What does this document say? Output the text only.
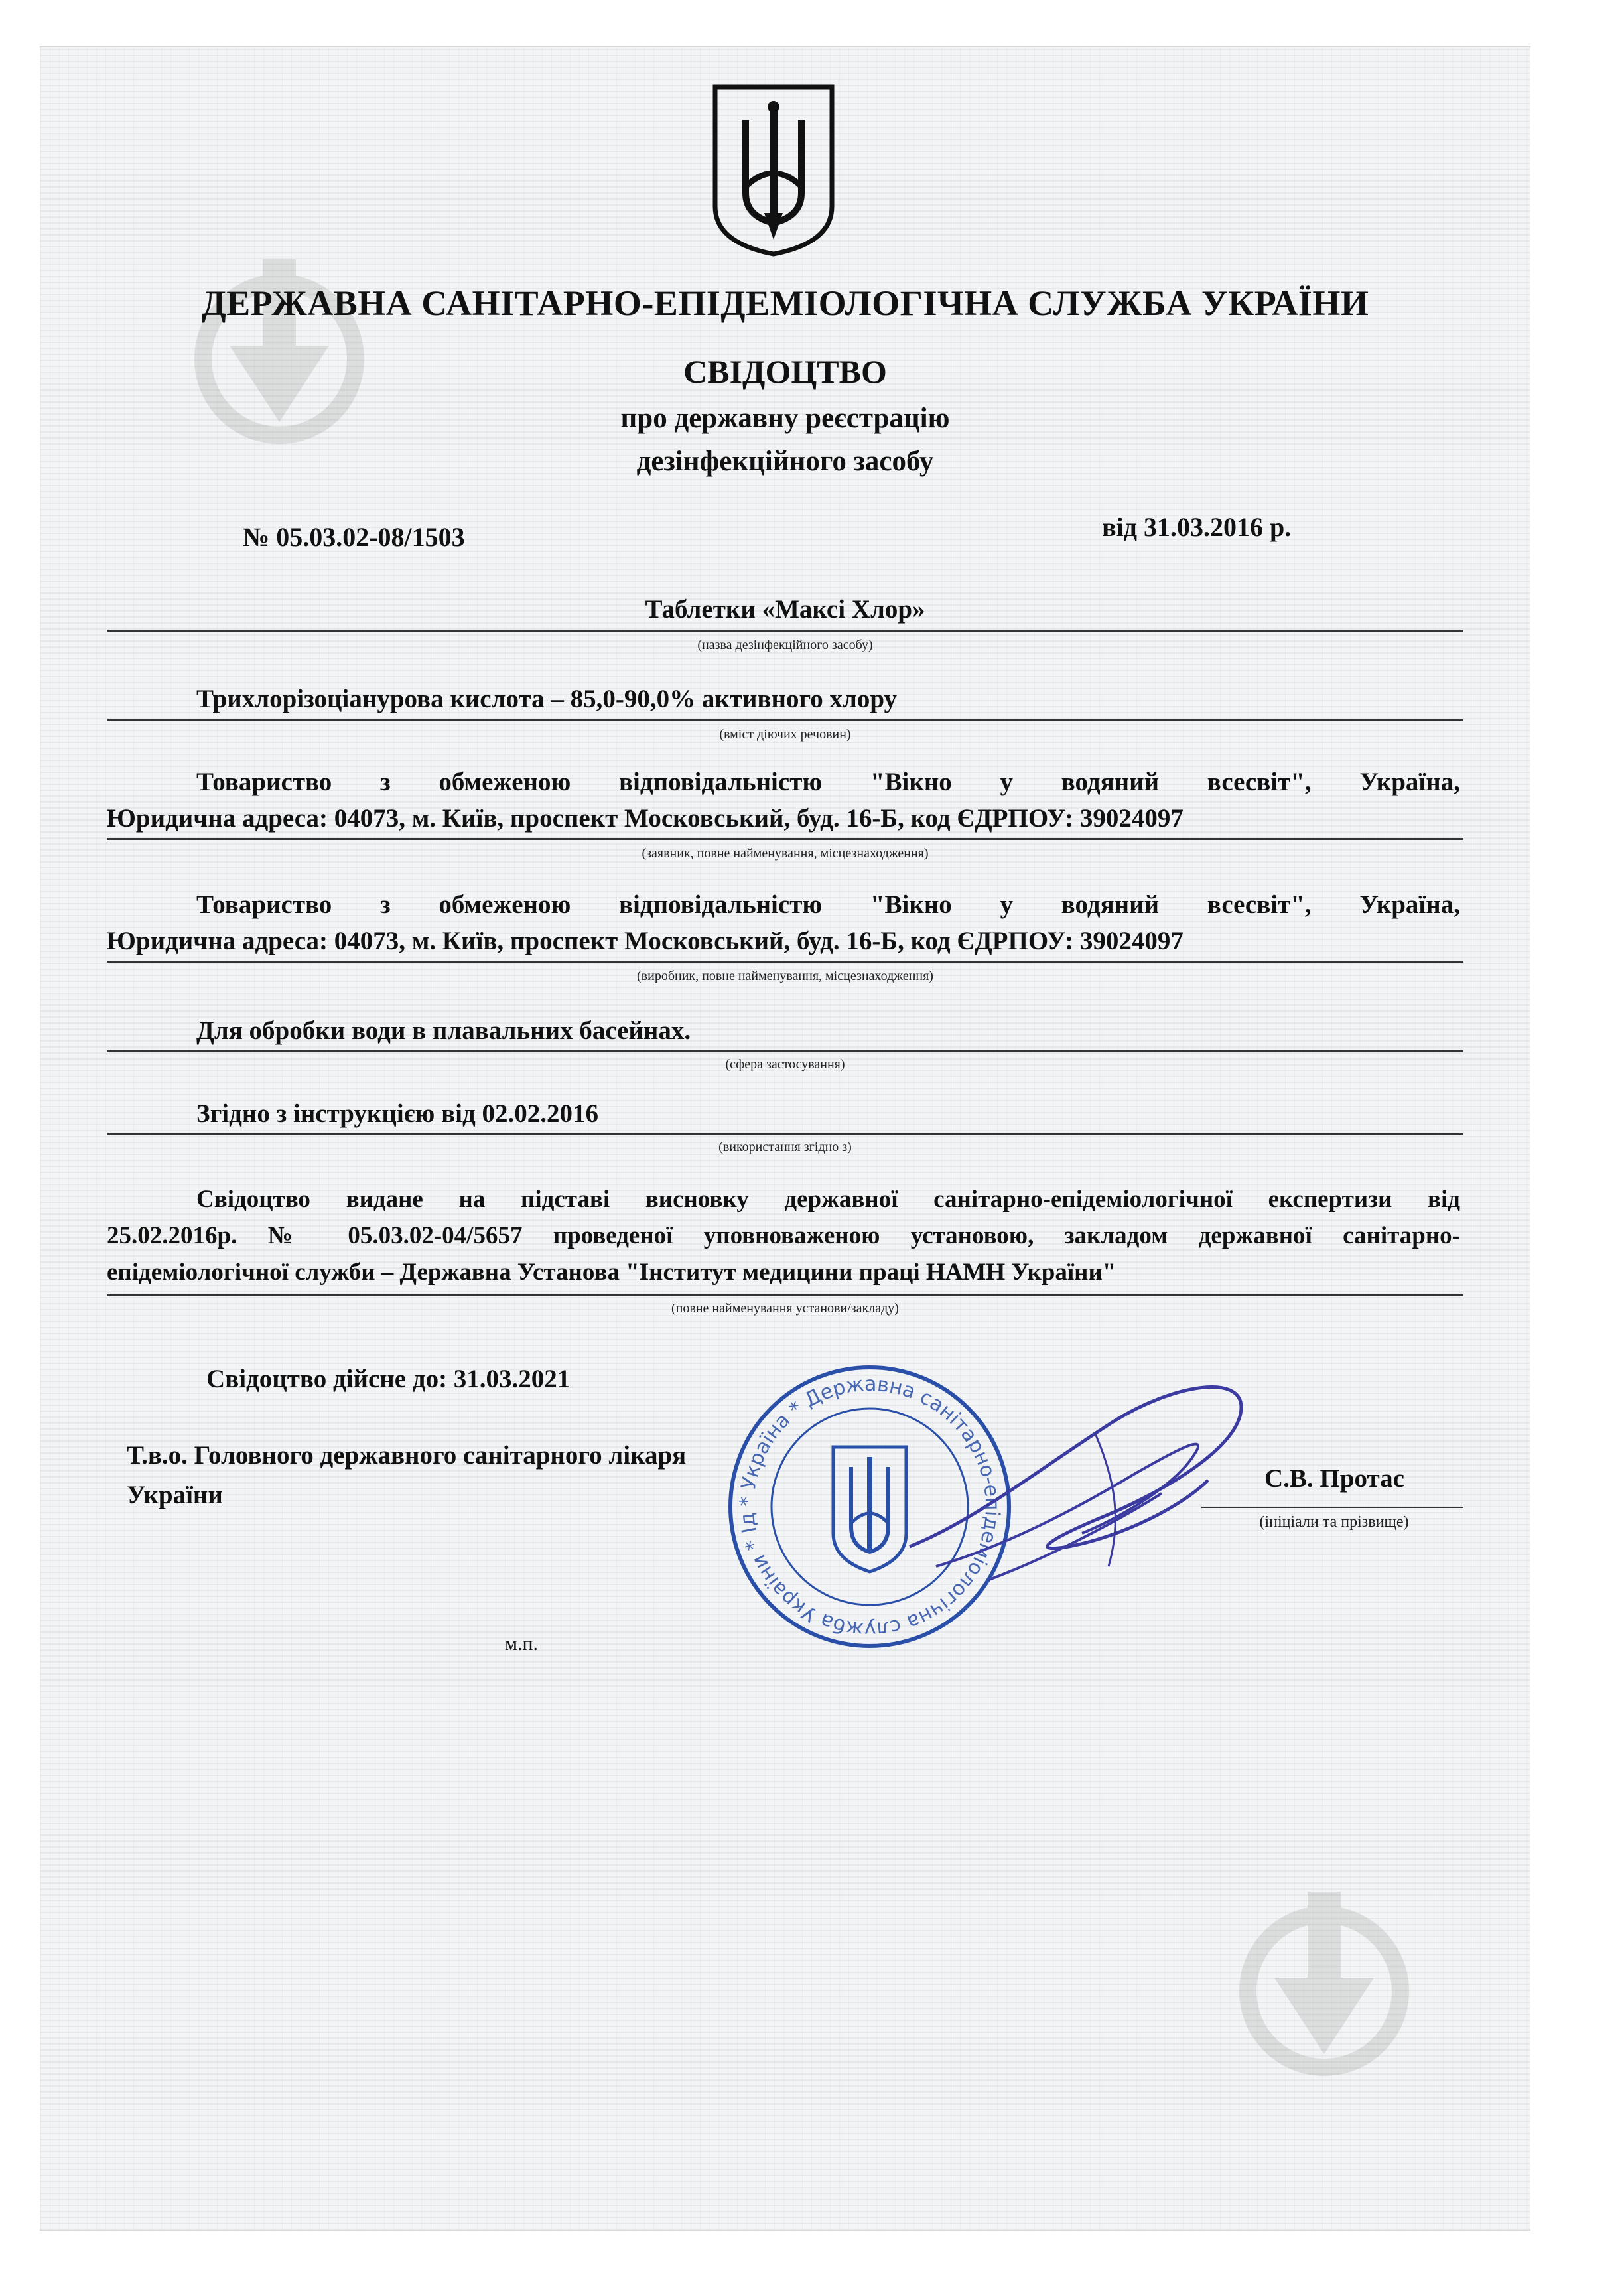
ДЕРЖАВНА САНІТАРНО-ЕПІДЕМІОЛОГІЧНА СЛУЖБА УКРАЇНИ
СВІДОЦТВО
про державну реєстрацію
дезінфекційного засобу
№ 05.03.02-08/1503	від 31.03.2016 р.
Таблетки «Максі Хлор»
(назва дезінфекційного засобу)
Трихлорізоціанурова кислота – 85,0-90,0% активного хлору
(вміст діючих речовин)
Товариство з обмеженою відповідальністю "Вікно у водяний всесвіт", Україна,
Юридична адреса: 04073, м. Київ, проспект Московський, буд. 16-Б, код ЄДРПОУ: 39024097
(заявник, повне найменування, місцезнаходження)
Товариство з обмеженою відповідальністю "Вікно у водяний всесвіт", Україна,
Юридична адреса: 04073, м. Київ, проспект Московський, буд. 16-Б, код ЄДРПОУ: 39024097
(виробник, повне найменування, місцезнаходження)
Для обробки води в плавальних басейнах.
(сфера застосування)
Згідно з інструкцією від 02.02.2016
(використання згідно з)
Свідоцтво видане на підставі висновку державної санітарно-епідеміологічної експертизи від
25.02.2016р. № 05.03.02-04/5657 проведеної уповноваженою установою, закладом державної санітарно-
епідеміологічної служби – Державна Установа "Інститут медицини праці НАМН України"
(повне найменування установи/закладу)
Свідоцтво дійсне до: 31.03.2021
Т.в.о. Головного державного санітарного лікаря
України
С.В. Протас
(ініціали та прізвище)
м.п.
* Україна * Державна санітарно-епідеміологічна служба України * Ід
